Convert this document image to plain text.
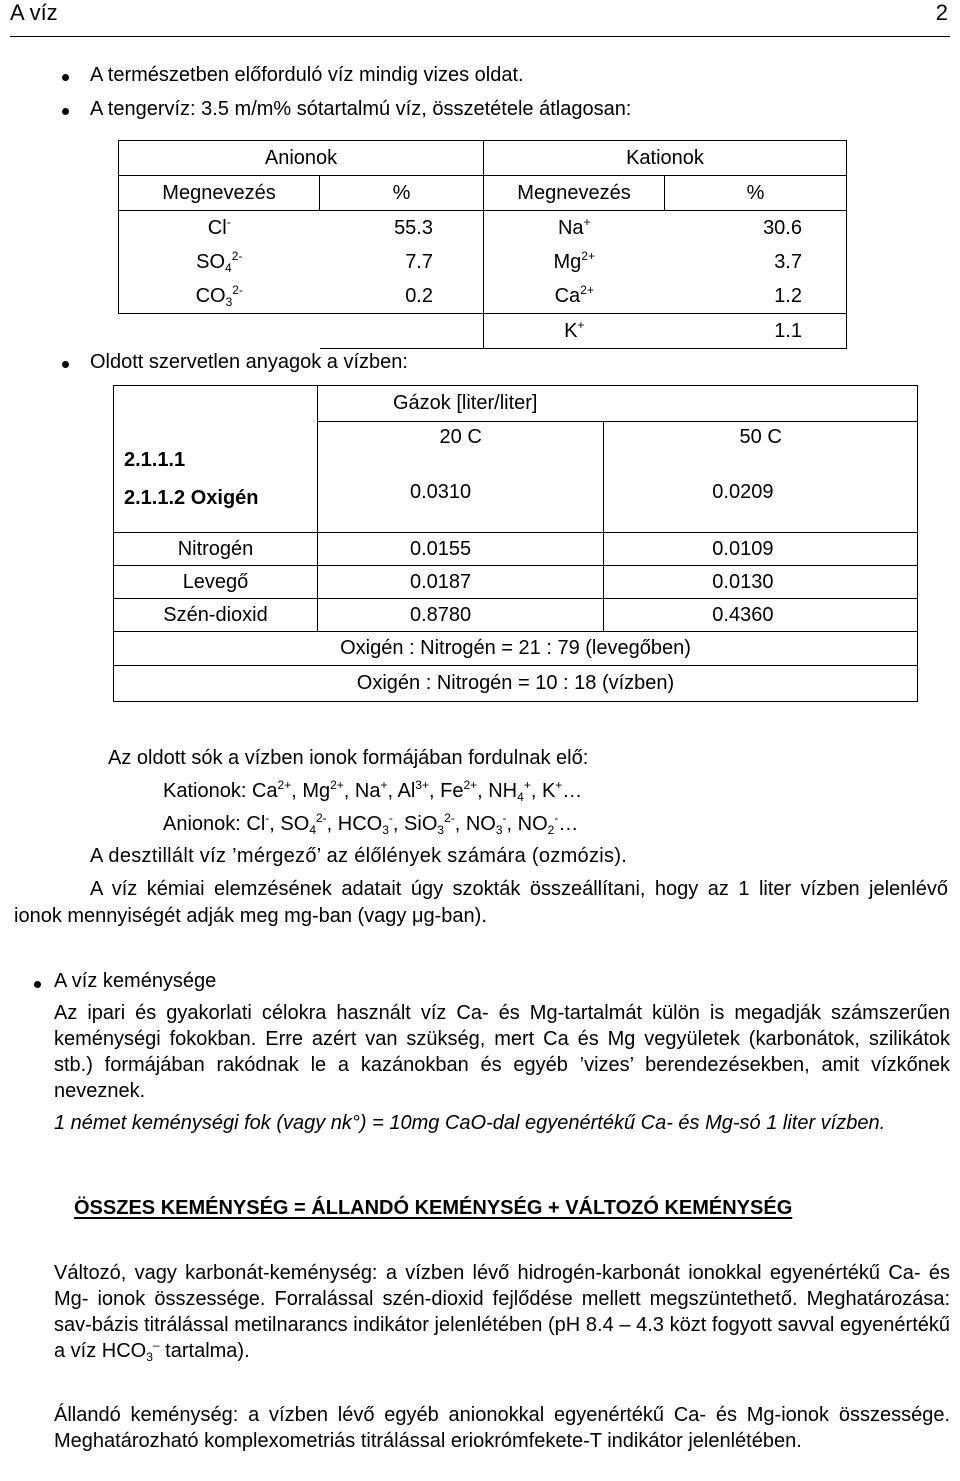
A víz	2
A természetben előforduló víz mindig vizes oldat.
A tengervíz: 3.5 m/m% sótartalmú víz, összetétele átlagosan:
Anionok		Kationok	
Megnevezés	%	Megnevezés	%
Cl-	55.3	Na+	30.6
$SO_4^{2-}$	7.7	$Mg^{2+}$	3.7
$CO_3^{2-}$	0.2	$Ca^{2+}$	1.2
		K+	1.1
Oldott szervetlen anyagok a vízben:
	Gázok [liter/liter]	
2.1.1.1	20 C	50 C
2.1.1.2 Oxigén	0.0310	0.0209
Nitrogén	0.0155	0.0109
Levegő	0.0187	0.0130
Szén-dioxid	0.8780	0.4360
Oxigén : Nitrogén = 21 : 79 (levegőben)		
Oxigén : Nitrogén = 10 : 18 (vízben)		
Az oldott sók a vízben ionok formájában fordulnak elő:
Kationok: $Ca^{2+}$, $Mg^{2+}$, Na+, $Al^{3+}$, $Fe^{2+}$, $NH_4^+$, K+…
Anionok: Cl-, $SO_4^{2-}$, $HCO_3^-$, SiO$_3^{2-}$, $NO_3^-$, $NO_2^-\dots$
A desztillált víz ’mérgező’ az élőlények számára (ozmózis).
A víz kémiai elemzésének adatait úgy szokták összeállítani, hogy az 1 liter vízben jelenlévő ionok mennyiségét adják meg mg-ban (vagy μg-ban).
A víz keménysége
Az ipari és gyakorlati célokra használt víz Ca- és Mg-tartalmát külön is megadják számszerűen keménységi fokokban. Erre azért van szükség, mert Ca és Mg vegyületek (karbonátok, szilikátok stb.) formájában rakódnak le a kazánokban és egyéb ’vizes’ berendezésekben, amit vízkőnek neveznek.
1 német keménységi fok (vagy nk°) = 10mg CaO-dal egyenértékű Ca- és Mg-só 1 liter vízben.
ÖSSZES KEMÉNYSÉG = ÁLLANDÓ KEMÉNYSÉG + VÁLTOZÓ KEMÉNYSÉG
Változó, vagy karbonát-keménység: a vízben lévő hidrogén-karbonát ionokkal egyenértékű Ca- és Mg- ionok összessége. Forralással szén-dioxid fejlődése mellett megszüntethető. Meghatározása: sav-bázis titrálással metilnarancs indikátor jelenlétében (pH 8.4 – 4.3 közt fogyott savval egyenértékű a víz $HCO_3^-$ tartalma).
Állandó keménység: a vízben lévő egyéb anionokkal egyenértékű Ca- és Mg-ionok összessége. Meghatározható komplexometriás titrálással eriokrómfekete-T indikátor jelenlétében.
